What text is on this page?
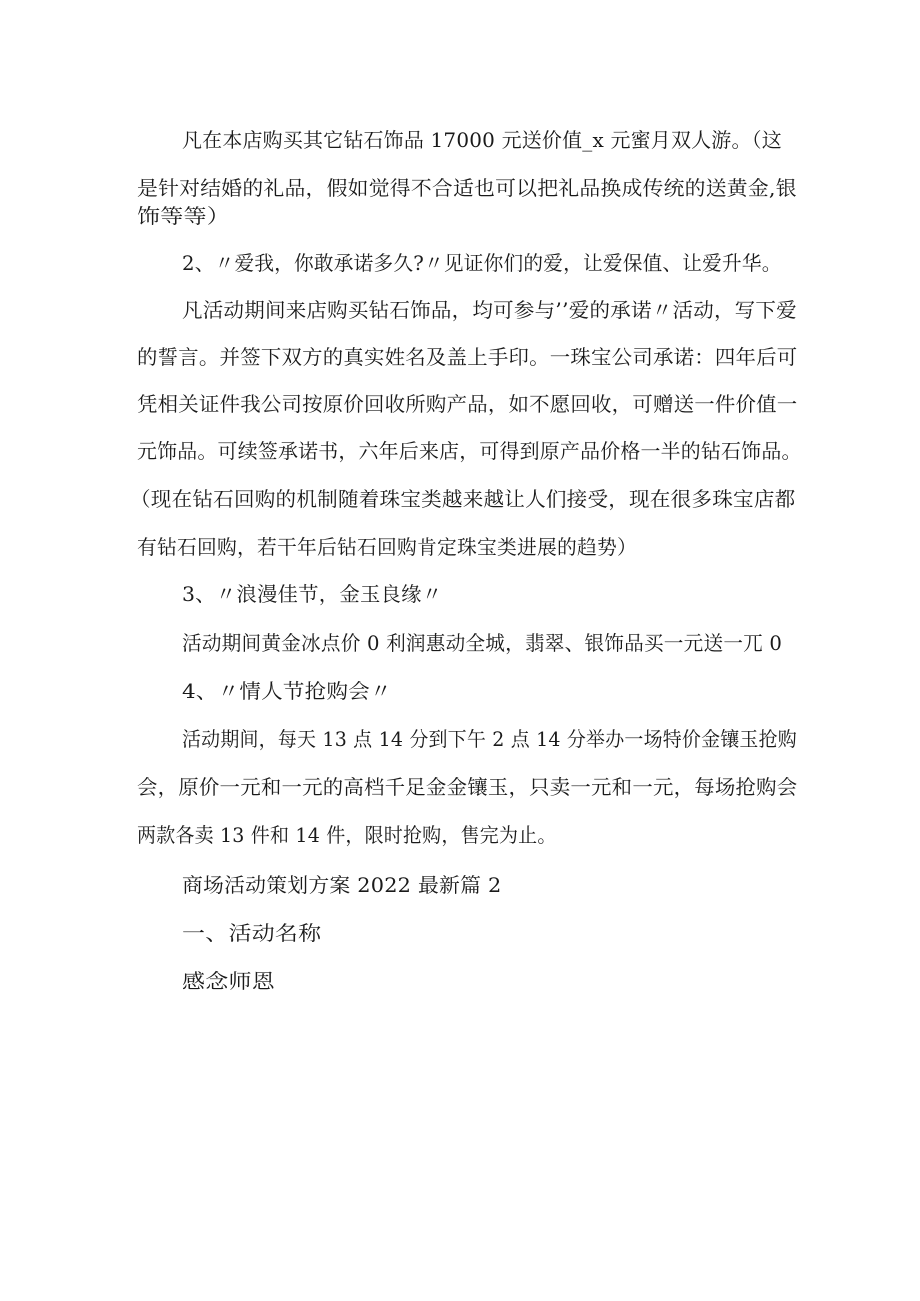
凡在本店购买其它钻石饰品 17000 元送价值_x 元蜜月双人游。（这
是针对结婚的礼品，假如觉得不合适也可以把礼品换成传统的送黄金,银
饰等等）
2、〃爱我，你敢承诺多久?〃见证你们的爱，让爱保值、让爱升华。
凡活动期间来店购买钻石饰品，均可参与’’爱的承诺〃活动，写下爱
的誓言。并签下双方的真实姓名及盖上手印。一珠宝公司承诺：四年后可
凭相关证件我公司按原价回收所购产品，如不愿回收，可赠送一件价值一
元饰品。可续签承诺书，六年后来店，可得到原产品价格一半的钻石饰品。
（现在钻石回购的机制随着珠宝类越来越让人们接受，现在很多珠宝店都
有钻石回购，若干年后钻石回购肯定珠宝类进展的趋势）
3、〃浪漫佳节，金玉良缘〃
活动期间黄金冰点价 0 利润惠动全城，翡翠、银饰品买一元送一兀 0
4、〃情人节抢购会〃
活动期间，每天 13 点 14 分到下午 2 点 14 分举办一场特价金镶玉抢购
会，原价一元和一元的高档千足金金镶玉，只卖一元和一元，每场抢购会
两款各卖 13 件和 14 件，限时抢购，售完为止。
商场活动策划方案 2022 最新篇 2
一、活动名称
感念师恩
